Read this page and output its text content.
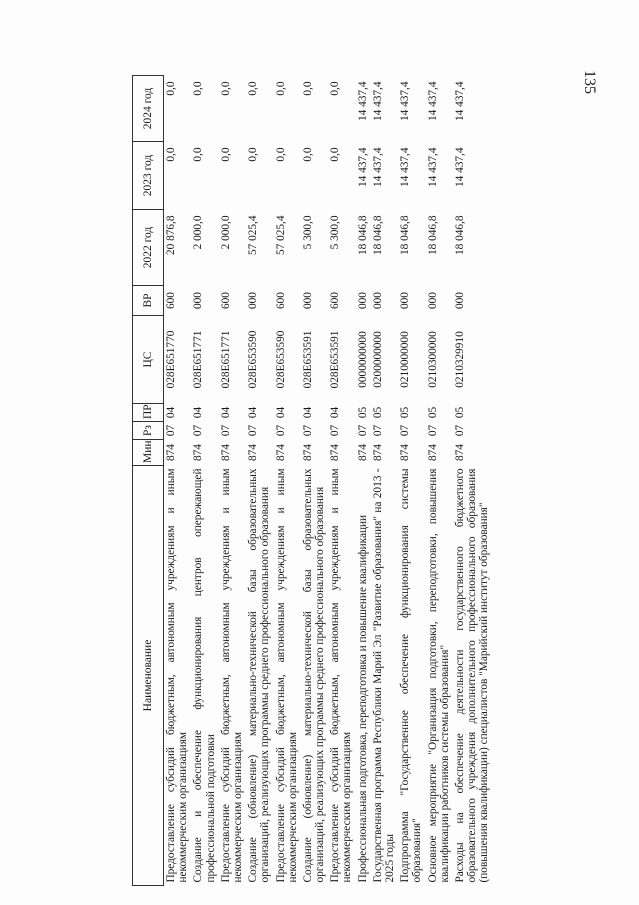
135
Наименование	Мин	Рз	ПР	ЦС	ВР	2022 год	2023 год	2024 год
Предоставление субсидий бюджетным, автономным учреждениям и иным некоммерческим организациям	874	07	04	028E651770	600	20 876,8	0,0	0,0
Создание и обеспечение функционирования центров опережающей профессиональной подготовки	874	07	04	028E651771	000	2 000,0	0,0	0,0
Предоставление субсидий бюджетным, автономным учреждениям и иным некоммерческим организациям	874	07	04	028E651771	600	2 000,0	0,0	0,0
Создание (обновление) материально-технической базы образовательных организаций, реализующих программы среднего профессионального образования	874	07	04	028E653590	000	57 025,4	0,0	0,0
Предоставление субсидий бюджетным, автономным учреждениям и иным некоммерческим организациям	874	07	04	028E653590	600	57 025,4	0,0	0,0
Создание (обновление) материально-технической базы образовательных организаций, реализующих программы среднего профессионального образования	874	07	04	028E653591	000	5 300,0	0,0	0,0
Предоставление субсидий бюджетным, автономным учреждениям и иным некоммерческим организациям	874	07	04	028E653591	600	5 300,0	0,0	0,0
Профессиональная подготовка, переподготовка и повышение квалификации	874	07	05	0000000000	000	18 046,8	14 437,4	14 437,4
Государственная программа Республики Марий Эл "Развитие образования" на 2013 - 2025 годы	874	07	05	0200000000	000	18 046,8	14 437,4	14 437,4
Подпрограмма "Государственное обеспечение функционирования системы образования"	874	07	05	0210000000	000	18 046,8	14 437,4	14 437,4
Основное мероприятие "Организация подготовки, переподготовки, повышения квалификации работников системы образования"	874	07	05	0210300000	000	18 046,8	14 437,4	14 437,4
Расходы на обеспечение деятельности государственного бюджетного образовательного учреждения дополнительного профессионального образования (повышения квалификации) специалистов "Марийский институт образования"	874	07	05	0210329910	000	18 046,8	14 437,4	14 437,4
